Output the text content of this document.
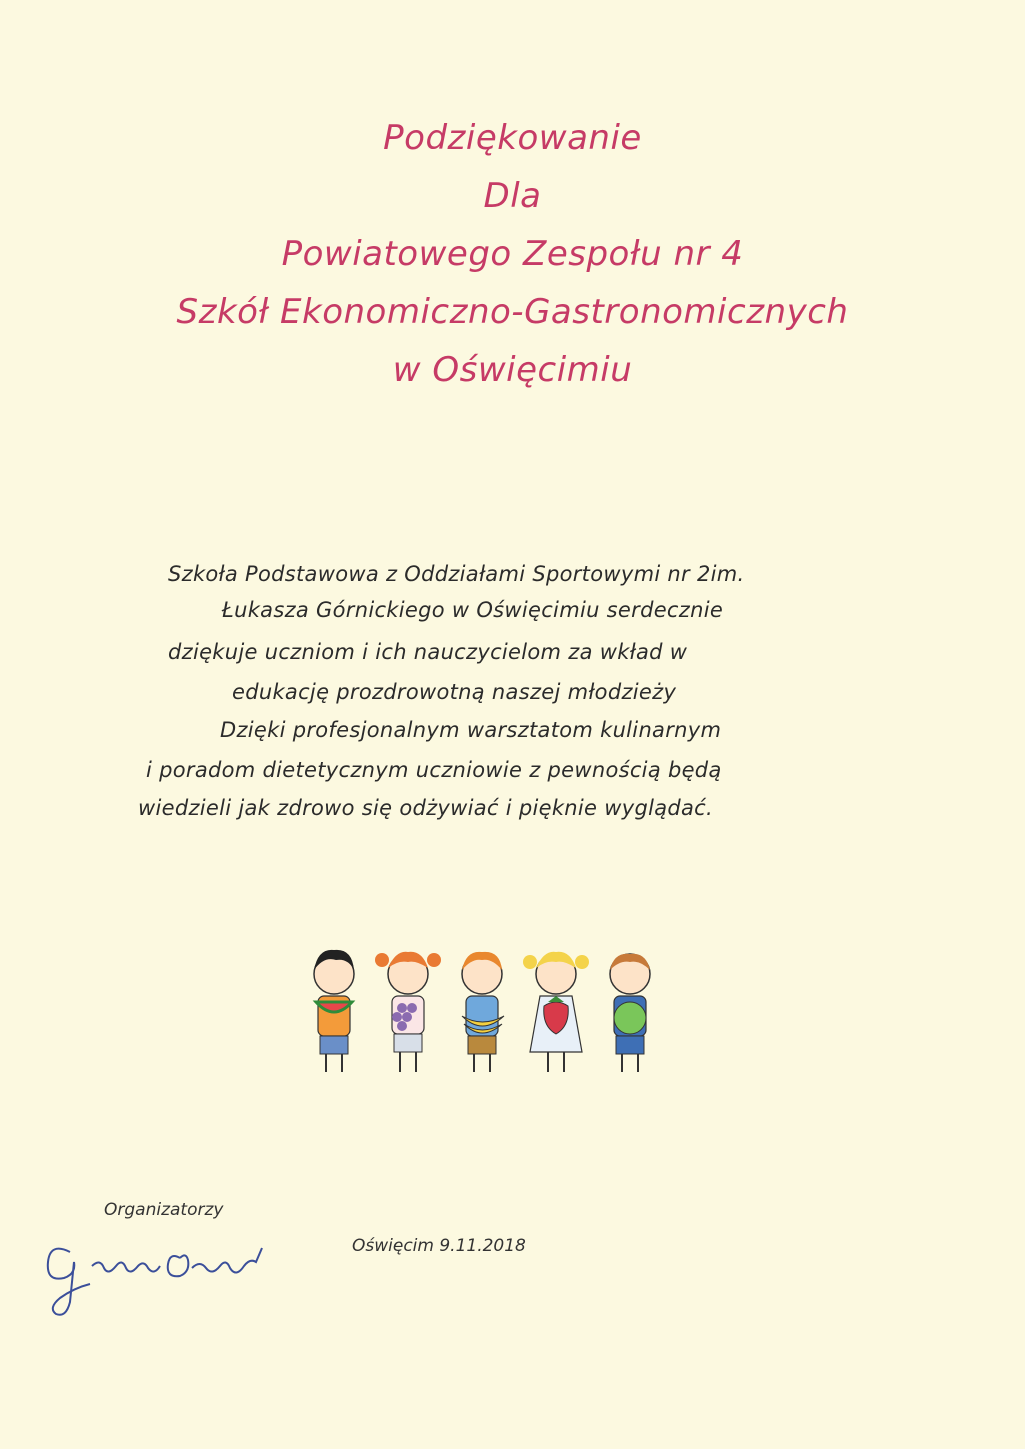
Podziękowanie
Dla
Powiatowego Zespołu nr 4
Szkół Ekonomiczno-Gastronomicznych
w Oświęcimiu
Szkoła Podstawowa z Oddziałami Sportowymi nr 2im.
Łukasza Górnickiego w Oświęcimiu serdecznie
dziękuje uczniom i ich nauczycielom za wkład w
edukację prozdrowotną naszej młodzieży
Dzięki profesjonalnym warsztatom kulinarnym
i poradom dietetycznym uczniowie z pewnością będą
wiedzieli jak zdrowo się odżywiać i pięknie wyglądać.
Organizatorzy
Oświęcim 9.11.2018
